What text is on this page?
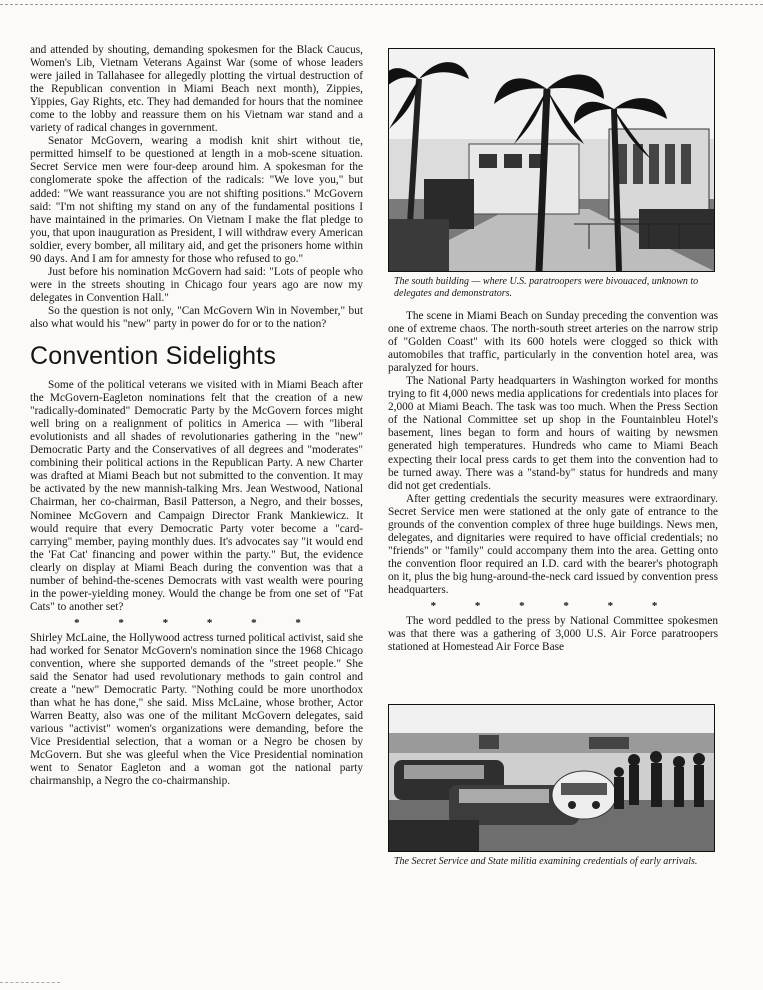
and attended by shouting, demanding spokesmen for the Black Caucus, Women's Lib, Vietnam Veterans Against War (some of whose leaders were jailed in Tallahasee for allegedly plotting the virtual destruction of the Republican convention in Miami Beach next month), Zippies, Yippies, Gay Rights, etc. They had demanded for hours that the nominee come to the lobby and reassure them on his Vietnam war stand and a variety of radical changes in government.

Senator McGovern, wearing a modish knit shirt without tie, permitted himself to be questioned at length in a mob-scene situation. Secret Service men were four-deep around him. A spokesman for the conglomerate spoke the affection of the radicals: "We love you," but added: "We want reassurance you are not shifting positions." McGovern said: "I'm not shifting my stand on any of the fundamental positions I have maintained in the primaries. On Vietnam I make the flat pledge to you, that upon inauguration as President, I will withdraw every American soldier, every bomber, all military aid, and get the prisoners home within 90 days. And I am for amnesty for those who refused to go."

Just before his nomination McGovern had said: "Lots of people who were in the streets shouting in Chicago four years ago are now my delegates in Convention Hall."

So the question is not only, "Can McGovern Win in November," but also what would his "new" party in power do for or to the nation?

Convention Sidelights

Some of the political veterans we visited with in Miami Beach after the McGovern-Eagleton nominations felt that the creation of a new "radically-dominated" Democratic Party by the McGovern forces might well bring on a realignment of politics in America — with "liberal evolutionists and all shades of revolutionaries gathering in the "new" Democratic Party and the Conservatives of all degrees and "moderates" combining their political actions in the Republican Party. A new Charter was drafted at Miami Beach but not submitted to the convention. It may be activated by the new mannish-talking Mrs. Jean Westwood, National Chairman, her co-chairman, Basil Patterson, a Negro, and their bosses, Nominee McGovern and Campaign Director Frank Mankiewicz. It would require that every Democratic Party voter become a "card-carrying" member, paying monthly dues. It's advocates say "it would end the 'Fat Cat' financing and power within the party." But, the evidence clearly on display at Miami Beach during the convention was that a number of behind-the-scenes Democrats with vast wealth were pouring in the power-yielding money. Would the change be from one set of "Fat Cats" to another set?

* * * * * *

Shirley McLaine, the Hollywood actress turned political activist, said she had worked for Senator McGovern's nomination since the 1968 Chicago convention, where she supported demands of the "street people." She said the Senator had used revolutionary methods to gain control and create a "new" Democratic Party. "Nothing could be more unorthodox than what he has done," she said. Miss McLaine, whose brother, Actor Warren Beatty, also was one of the militant McGovern delegates, said various "activist" women's organizations were demanding, before the Vice Presidential selection, that a woman or a Negro be chosen by McGovern. But she was gleeful when the Vice Presidential nomination went to Senator Eagleton and a woman got the national party chairmanship, a Negro the co-chairmanship.

The south building — where U.S. paratroopers were bivouaced, unknown to delegates and demonstrators.

The scene in Miami Beach on Sunday preceding the convention was one of extreme chaos. The north-south street arteries on the narrow strip of "Golden Coast" with its 600 hotels were clogged so thick with automobiles that traffic, particularly in the convention hotel area, was paralyzed for hours.

The National Party headquarters in Washington worked for months trying to fit 4,000 news media applications for credentials into places for 2,000 at Miami Beach. The task was too much. When the Press Section of the National Committee set up shop in the Fountainbleu Hotel's basement, lines began to form and hours of waiting by newsmen generated high temperatures. Hundreds who came to Miami Beach expecting their local press cards to get them into the convention had to be turned away. There was a "stand-by" status for hundreds and many did not get credentials.

After getting credentials the security measures were extraordinary. Secret Service men were stationed at the only gate of entrance to the grounds of the convention complex of three huge buildings. News men, delegates, and dignitaries were required to have official credentials; no "friends" or "family" could accompany them into the area. Getting onto the convention floor required an I.D. card with the bearer's photograph on it, plus the big hung-around-the-neck card issued by convention press headquarters.

* * * * * *

The word peddled to the press by National Committee spokesmen was that there was a gathering of 3,000 U.S. Air Force paratroopers stationed at Homestead Air Force Base

The Secret Service and State militia examining credentials of early arrivals.
